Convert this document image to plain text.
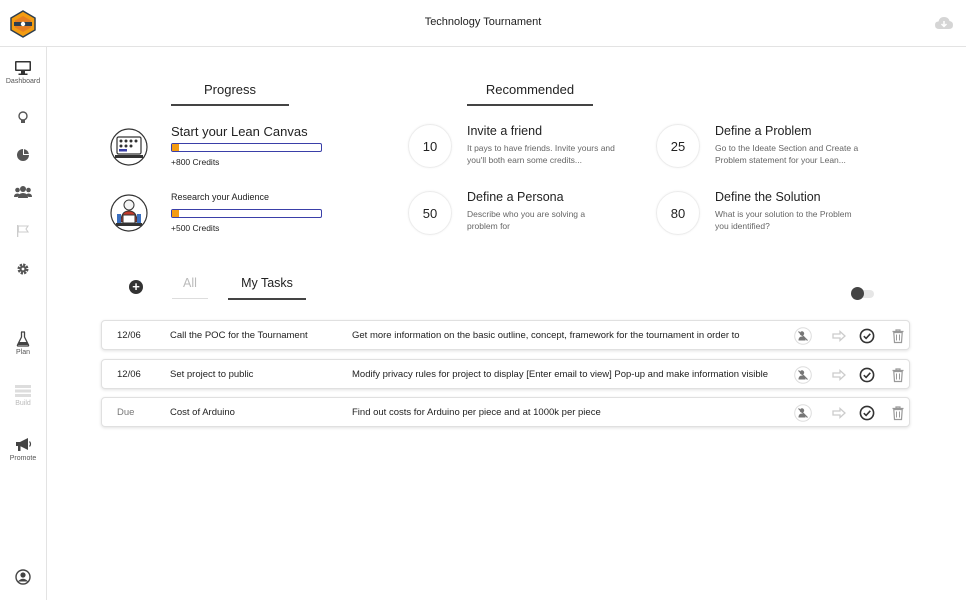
Technology Tournament
Dashboard
Plan
Build
Promote
Progress	Recommended
Start your Lean Canvas
+800 Credits
Research your Audience
+500 Credits
10
Invite a friend
It pays to have friends. Invite yours and you'll both earn some credits...
25
Define a Problem
Go to the Ideate Section and Create a Problem statement for your Lean...
50
Define a Persona
Describe who you are solving a problem for
80
Define the Solution
What is your solution to the Problem you identified?
+	All	My Tasks
12/06	Call the POC for the Tournament	Get more information on the basic outline, concept, framework for the tournament in order to
12/06	Set project to public	Modify privacy rules for project to display [Enter email to view] Pop-up and make information visible
Due	Cost of Arduino	Find out costs for Arduino per piece and at 1000k per piece
